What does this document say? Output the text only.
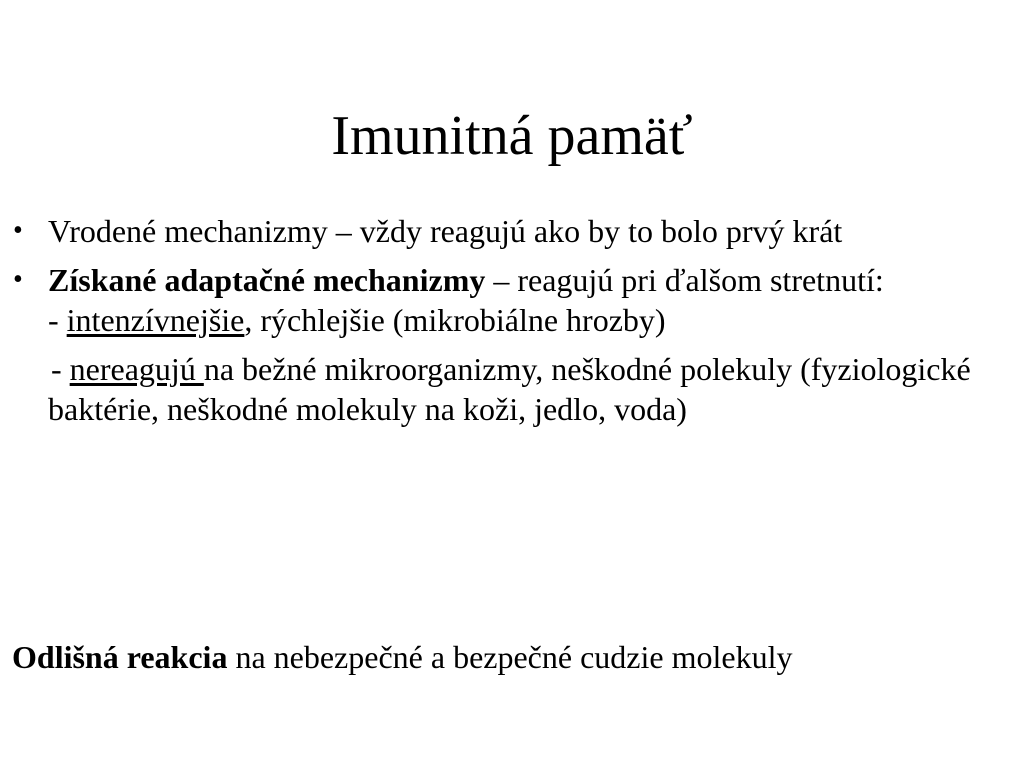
Imunitná pamäť
• Vrodené mechanizmy – vždy reagujú ako by to bolo prvý krát
• Získané adaptačné mechanizmy – reagujú pri ďalšom stretnutí:
- intenzívnejšie, rýchlejšie (mikrobiálne hrozby)
- nereagujú na bežné mikroorganizmy, neškodné polekuly (fyziologické baktérie, neškodné molekuly na koži, jedlo, voda)

Odlišná reakcia na nebezpečné a bezpečné cudzie molekuly
